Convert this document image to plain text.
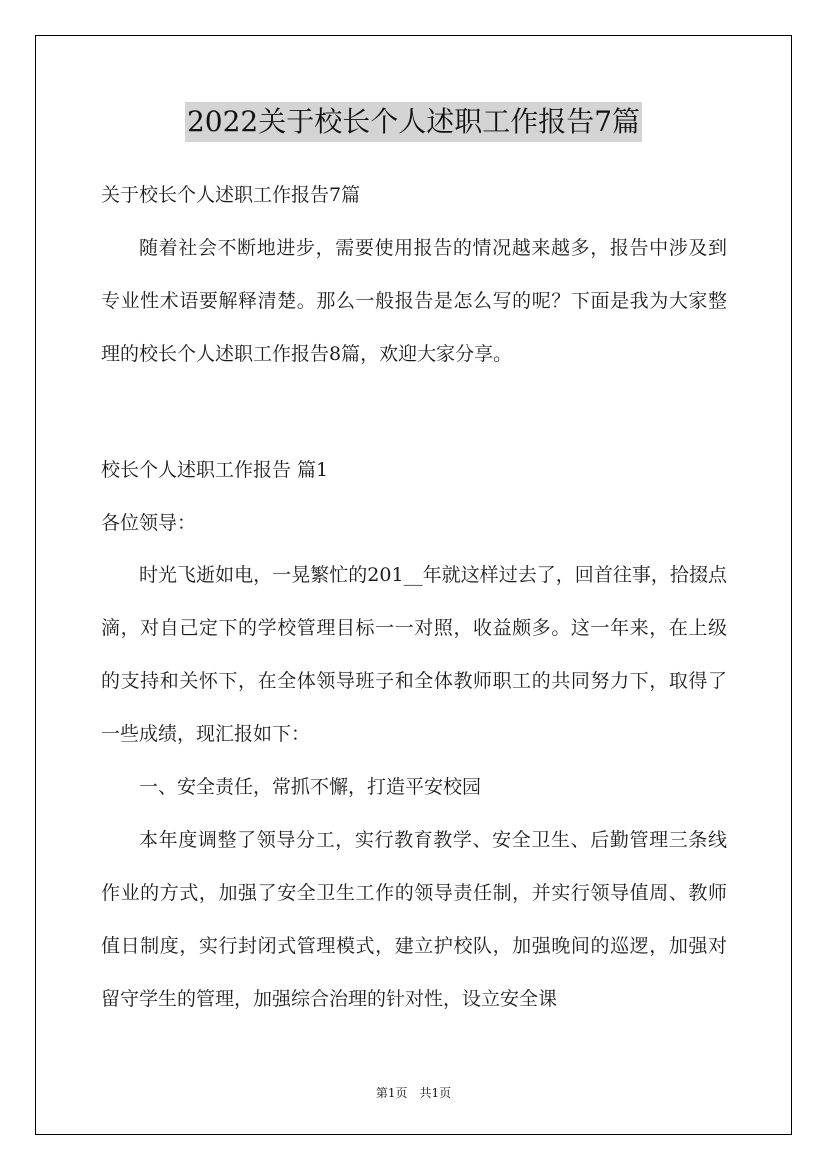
2022关于校长个人述职工作报告7篇
关于校长个人述职工作报告7篇
随着社会不断地进步，需要使用报告的情况越来越多，报告中涉及到专业性术语要解释清楚。那么一般报告是怎么写的呢？下面是我为大家整理的校长个人述职工作报告8篇，欢迎大家分享。
校长个人述职工作报告 篇1
各位领导：
时光飞逝如电，一晃繁忙的201__年就这样过去了，回首往事，拾掇点滴，对自己定下的学校管理目标一一对照，收益颇多。这一年来，在上级的支持和关怀下，在全体领导班子和全体教师职工的共同努力下，取得了一些成绩，现汇报如下：
一、安全责任，常抓不懈，打造平安校园
本年度调整了领导分工，实行教育教学、安全卫生、后勤管理三条线作业的方式，加强了安全卫生工作的领导责任制，并实行领导值周、教师值日制度，实行封闭式管理模式，建立护校队，加强晚间的巡逻，加强对留守学生的管理，加强综合治理的针对性，设立安全课
第1页　共1页
